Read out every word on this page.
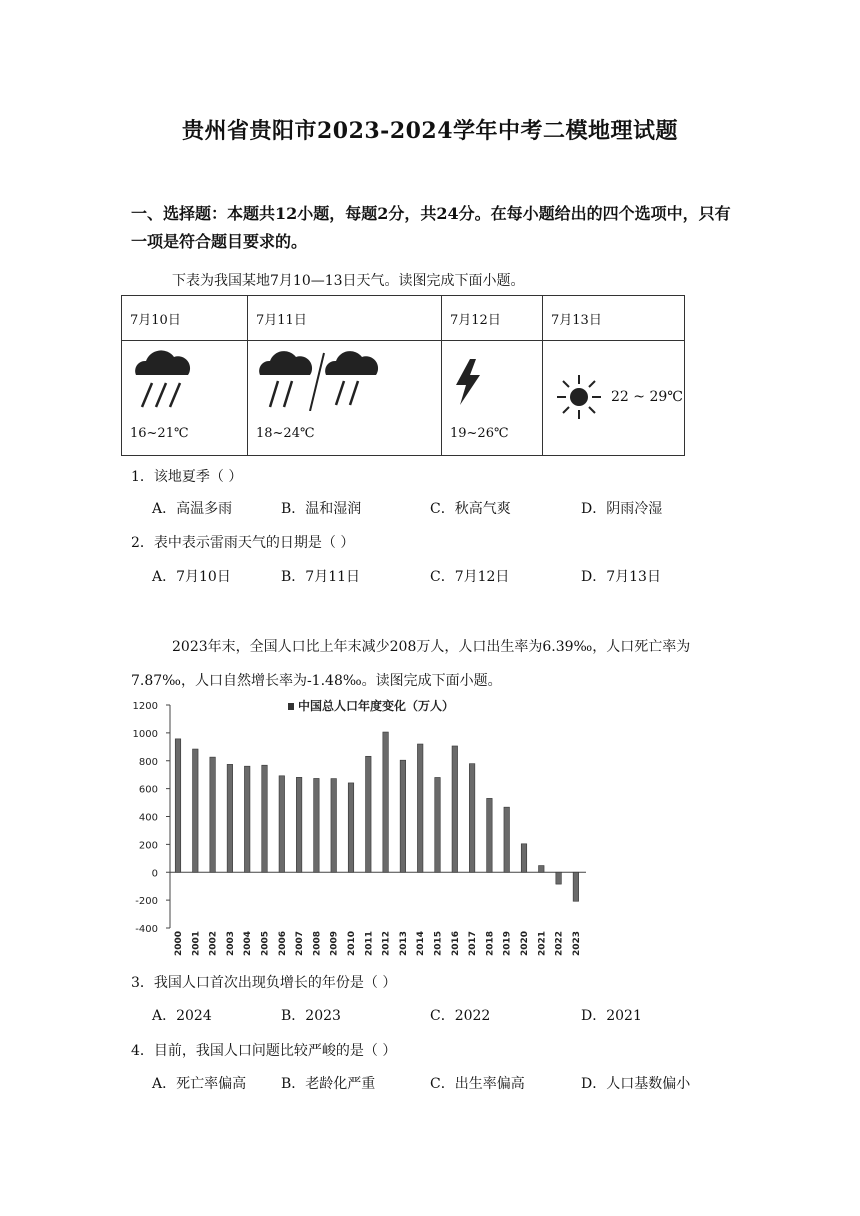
贵州省贵阳市2023-2024学年中考二模地理试题
一、选择题：本题共12小题，每题2分，共24分。在每小题给出的四个选项中，只有一项是符合题目要求的。
下表为我国某地7月10—13日天气。读图完成下面小题。
7月10日	7月11日	7月12日	7月13日

16~21℃	18~24℃	19~26℃	22 ~ 29℃
1．该地夏季（ ）
A．高温多雨	B．温和湿润	C．秋高气爽	D．阴雨冷湿
2．表中表示雷雨天气的日期是（ ）
A．7月10日	B．7月11日	C．7月12日	D．7月13日
2023年末，全国人口比上年末减少208万人，人口出生率为6.39‰，人口死亡率为7.87‰，人口自然增长率为-1.48‰。读图完成下面小题。
1200
1000
800
600
400
200
0
-200
-400
2000 2001 2002 2003 2004 2005 2006 2007 2008 2009 2010 2011 2012 2013 2014 2015 2016 2017 2018 2019 2020 2021 2022 2023
中国总人口年度变化（万人）
3．我国人口首次出现负增长的年份是（ ）
A．2024	B．2023	C．2022	D．2021
4．目前，我国人口问题比较严峻的是（ ）
A．死亡率偏高 B．老龄化严重	C．出生率偏高	D．人口基数偏小
